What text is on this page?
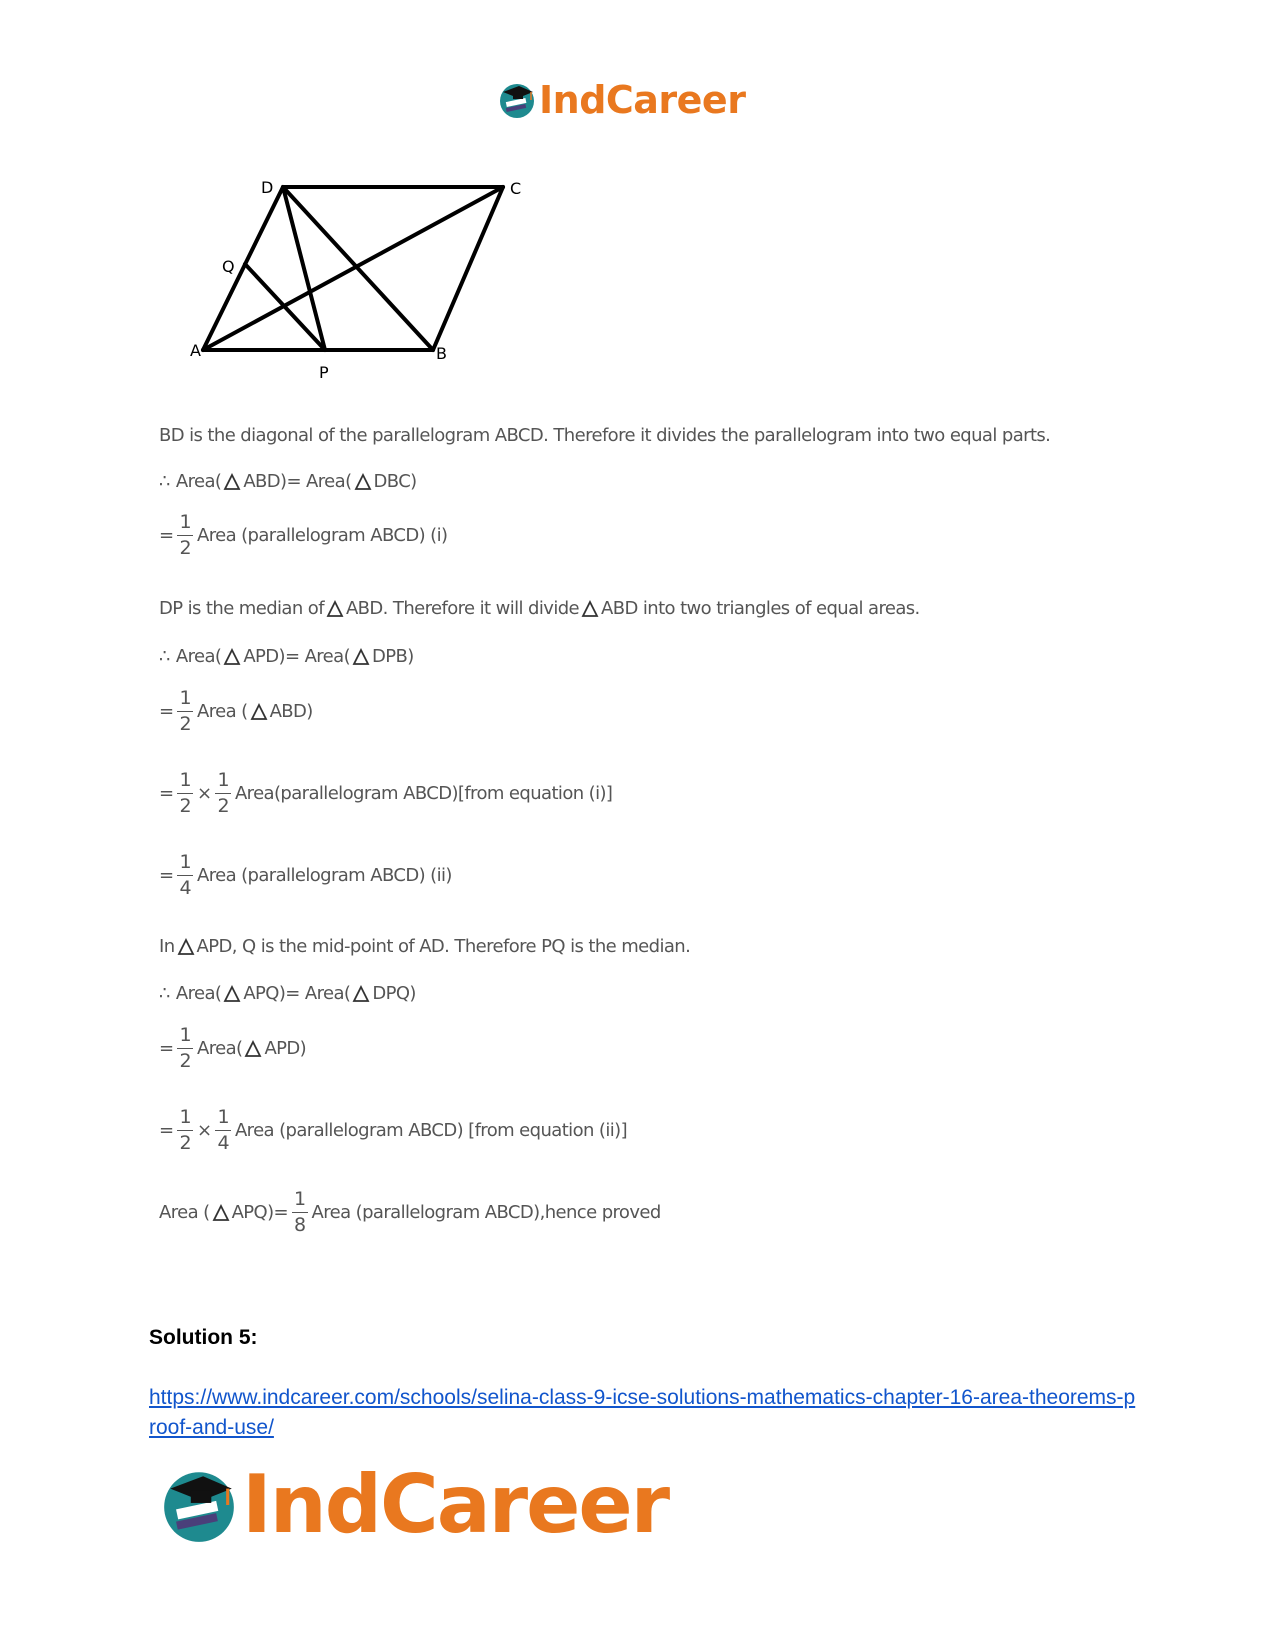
IndCareer
D	C
Q
A	B
P
BD is the diagonal of the parallelogram ABCD. Therefore it divides the parallelogram into two equal parts.
∴ Area( ABD)= Area( DBC)
= $\frac{1}{2}$ Area (parallelogram ABCD) (i)
DP is the median of ABD. Therefore it will divide ABD into two triangles of equal areas.
∴ Area( APD)= Area( DPB)
= $\frac{1}{2}$ Area ( ABD)
= $\frac{1}{2} \times \frac{1}{2}$ Area(parallelogram ABCD)[from equation (i)]
= $\frac{1}{4}$ Area (parallelogram ABCD) (ii)
In APD, Q is the mid-point of AD. Therefore PQ is the median.
∴ Area( APQ)= Area( DPQ)
= $\frac{1}{2}$ Area( APD)
= $\frac{1}{2} \times \frac{1}{4}$ Area (parallelogram ABCD) [from equation (ii)]
Area ( $APQ)= \frac{1}{8}$ Area (parallelogram ABCD),hence proved
Solution 5:
https://www.indcareer.com/schools/selina-class-9-icse-solutions-mathematics-chapter-16-area-theorems-proof-and-use/
IndCareer
